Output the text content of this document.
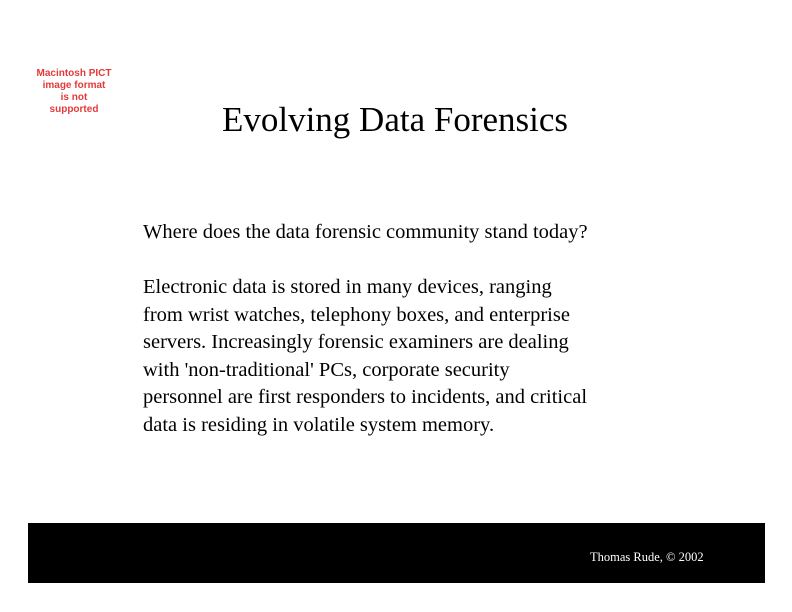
Macintosh PICT
image format
is not supported	Evolving Data Forensics

Where does the data forensic community stand today?

Electronic data is stored in many devices, ranging
from wrist watches, telephony boxes, and enterprise
servers. Increasingly forensic examiners are dealing
with 'non-traditional' PCs, corporate security
personnel are first responders to incidents, and critical
data is residing in volatile system memory.

Thomas Rude, © 2002
